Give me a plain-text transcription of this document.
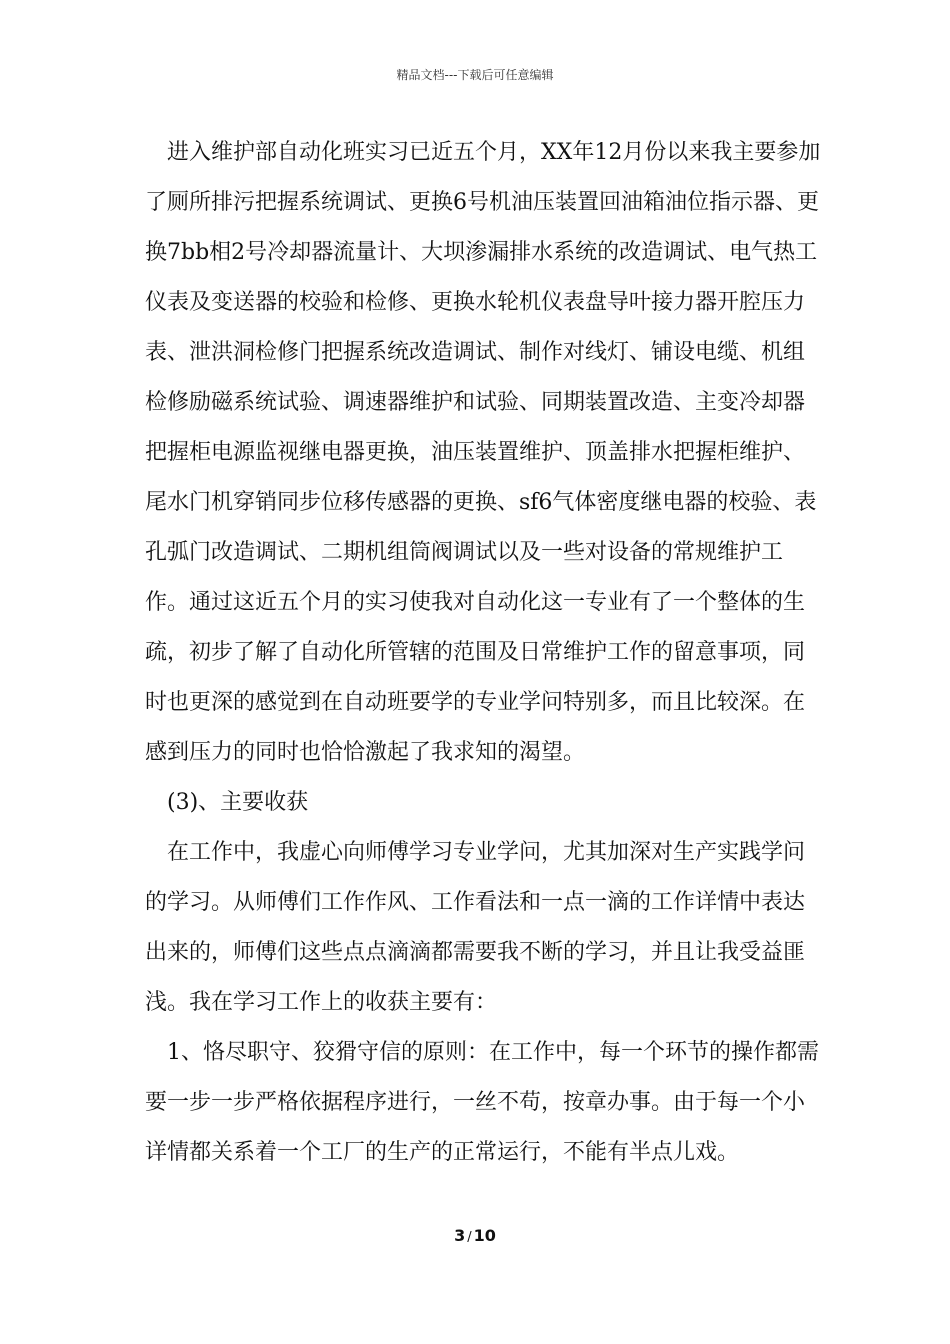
精品文档---下载后可任意编辑

进入维护部自动化班实习已近五个月，XX年12月份以来我主要参加了厕所排污把握系统调试、更换6号机油压装置回油箱油位指示器、更换7bb相2号冷却器流量计、大坝渗漏排水系统的改造调试、电气热工仪表及变送器的校验和检修、更换水轮机仪表盘导叶接力器开腔压力表、泄洪洞检修门把握系统改造调试、制作对线灯、铺设电缆、机组检修励磁系统试验、调速器维护和试验、同期装置改造、主变冷却器把握柜电源监视继电器更换，油压装置维护、顶盖排水把握柜维护、尾水门机穿销同步位移传感器的更换、sf6气体密度继电器的校验、表孔弧门改造调试、二期机组筒阀调试以及一些对设备的常规维护工作。通过这近五个月的实习使我对自动化这一专业有了一个整体的生疏，初步了解了自动化所管辖的范围及日常维护工作的留意事项，同时也更深的感觉到在自动班要学的专业学问特别多，而且比较深。在感到压力的同时也恰恰激起了我求知的渴望。

(3)、主要收获

在工作中，我虚心向师傅学习专业学问，尤其加深对生产实践学问的学习。从师傅们工作作风、工作看法和一点一滴的工作详情中表达出来的，师傅们这些点点滴滴都需要我不断的学习，并且让我受益匪浅。我在学习工作上的收获主要有：

1、恪尽职守、狡猾守信的原则：在工作中，每一个环节的操作都需要一步一步严格依据程序进行，一丝不苟，按章办事。由于每一个小详情都关系着一个工厂的生产的正常运行，不能有半点儿戏。

3 / 10
